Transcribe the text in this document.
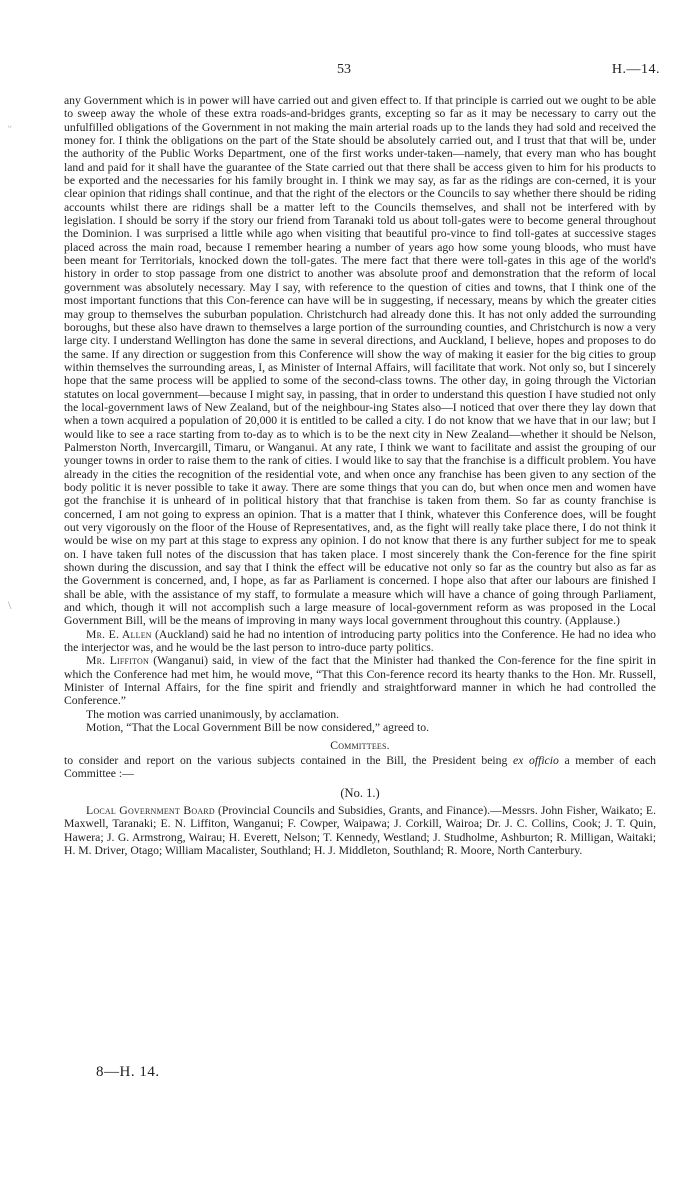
53	H.—14.
ᵕ
\

any Government which is in power will have carried out and given effect to. If that principle is carried out we ought to be able to sweep away the whole of these extra roads-and-bridges grants, excepting so far as it may be necessary to carry out the unfulfilled obligations of the Government in not making the main arterial roads up to the lands they had sold and received the money for. I think the obligations on the part of the State should be absolutely carried out, and I trust that that will be, under the authority of the Public Works Department, one of the first works under-taken—namely, that every man who has bought land and paid for it shall have the guarantee of the State carried out that there shall be access given to him for his products to be exported and the necessaries for his family brought in. I think we may say, as far as the ridings are con-cerned, it is your clear opinion that ridings shall continue, and that the right of the electors or the Councils to say whether there should be riding accounts whilst there are ridings shall be a matter left to the Councils themselves, and shall not be interfered with by legislation. I should be sorry if the story our friend from Taranaki told us about toll-gates were to become general throughout the Dominion. I was surprised a little while ago when visiting that beautiful pro-vince to find toll-gates at successive stages placed across the main road, because I remember hearing a number of years ago how some young bloods, who must have been meant for Territorials, knocked down the toll-gates. The mere fact that there were toll-gates in this age of the world's history in order to stop passage from one district to another was absolute proof and demonstration that the reform of local government was absolutely necessary. May I say, with reference to the question of cities and towns, that I think one of the most important functions that this Con-ference can have will be in suggesting, if necessary, means by which the greater cities may group to themselves the suburban population. Christchurch had already done this. It has not only added the surrounding boroughs, but these also have drawn to themselves a large portion of the surrounding counties, and Christchurch is now a very large city. I understand Wellington has done the same in several directions, and Auckland, I believe, hopes and proposes to do the same. If any direction or suggestion from this Conference will show the way of making it easier for the big cities to group within themselves the surrounding areas, I, as Minister of Internal Affairs, will facilitate that work. Not only so, but I sincerely hope that the same process will be applied to some of the second-class towns. The other day, in going through the Victorian statutes on local government—because I might say, in passing, that in order to understand this question I have studied not only the local-government laws of New Zealand, but of the neighbour-ing States also—I noticed that over there they lay down that when a town acquired a population of 20,000 it is entitled to be called a city. I do not know that we have that in our law; but I would like to see a race starting from to-day as to which is to be the next city in New Zealand—whether it should be Nelson, Palmerston North, Invercargill, Timaru, or Wanganui. At any rate, I think we want to facilitate and assist the grouping of our younger towns in order to raise them to the rank of cities. I would like to say that the franchise is a difficult problem. You have already in the cities the recognition of the residential vote, and when once any franchise has been given to any section of the body politic it is never possible to take it away. There are some things that you can do, but when once men and women have got the franchise it is unheard of in political history that that franchise is taken from them. So far as county franchise is concerned, I am not going to express an opinion. That is a matter that I think, whatever this Conference does, will be fought out very vigorously on the floor of the House of Representatives, and, as the fight will really take place there, I do not think it would be wise on my part at this stage to express any opinion. I do not know that there is any further subject for me to speak on. I have taken full notes of the discussion that has taken place. I most sincerely thank the Con-ference for the fine spirit shown during the discussion, and say that I think the effect will be educative not only so far as the country but also as far as the Government is concerned, and, I hope, as far as Parliament is concerned. I hope also that after our labours are finished I shall be able, with the assistance of my staff, to formulate a measure which will have a chance of going through Parliament, and which, though it will not accomplish such a large measure of local-government reform as was proposed in the Local Government Bill, will be the means of improving in many ways local government throughout this country. (Applause.)

Mr. E. Allen (Auckland) said he had no intention of introducing party politics into the Conference. He had no idea who the interjector was, and he would be the last person to intro-duce party politics.

Mr. Liffiton (Wanganui) said, in view of the fact that the Minister had thanked the Con-ference for the fine spirit in which the Conference had met him, he would move, “That this Con-ference record its hearty thanks to the Hon. Mr. Russell, Minister of Internal Affairs, for the fine spirit and friendly and straightforward manner in which he had controlled the Conference.”

The motion was carried unanimously, by acclamation.

Motion, “That the Local Government Bill be now considered,” agreed to.

Committees.

to consider and report on the various subjects contained in the Bill, the President being ex officio a member of each Committee :—

(No. 1.)

Local Government Board (Provincial Councils and Subsidies, Grants, and Finance).—Messrs. John Fisher, Waikato; E. Maxwell, Taranaki; E. N. Liffiton, Wanganui; F. Cowper, Waipawa; J. Corkill, Wairoa; Dr. J. C. Collins, Cook; J. T. Quin, Hawera; J. G. Armstrong, Wairau; H. Everett, Nelson; T. Kennedy, Westland; J. Studholme, Ashburton; R. Milligan, Waitaki; H. M. Driver, Otago; William Macalister, Southland; H. J. Middleton, Southland; R. Moore, North Canterbury.

8—H. 14.
